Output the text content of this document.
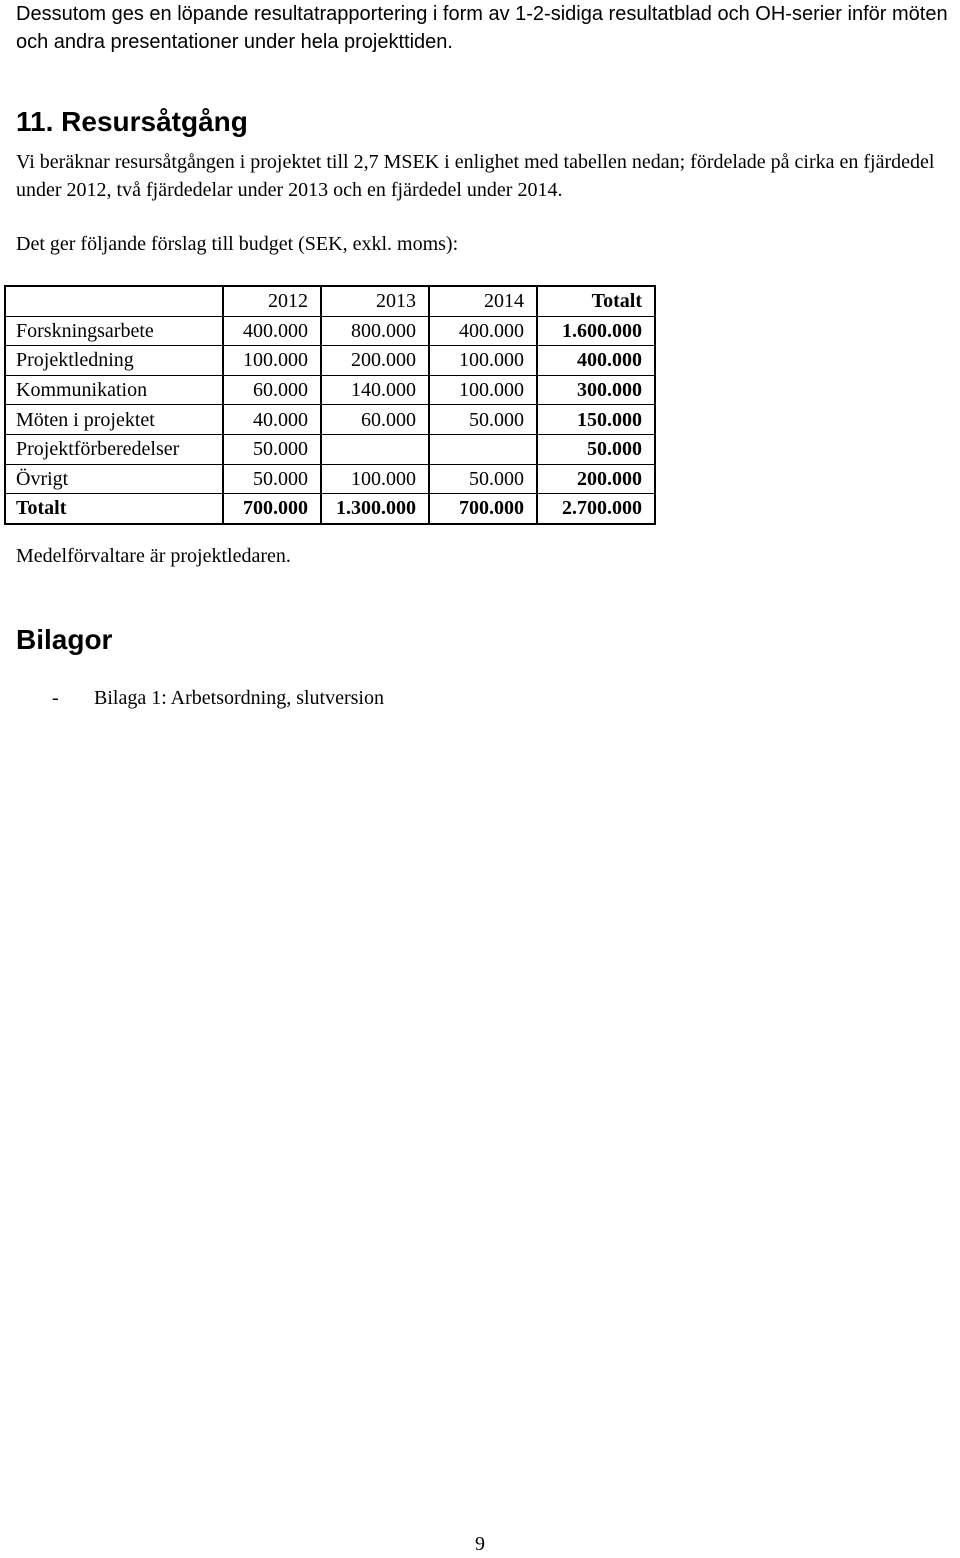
Dessutom ges en löpande resultatrapportering i form av 1-2-sidiga resultatblad och OH-serier inför möten och andra presentationer under hela projekttiden.

11. Resursåtgång

Vi beräknar resursåtgången i projektet till 2,7 MSEK i enlighet med tabellen nedan; fördelade på cirka en fjärdedel under 2012, två fjärdedelar under 2013 och en fjärdedel under 2014.

Det ger följande förslag till budget (SEK, exkl. moms):

	2012	2013	2014	Totalt
Forskningsarbete	400.000	800.000	400.000	1.600.000
Projektledning	100.000	200.000	100.000	400.000
Kommunikation	60.000	140.000	100.000	300.000
Möten i projektet	40.000	60.000	50.000	150.000
Projektförberedelser	50.000			50.000
Övrigt	50.000	100.000	50.000	200.000
Totalt	700.000	1.300.000	700.000	2.700.000

Medelförvaltare är projektledaren.

Bilagor
-	Bilaga 1: Arbetsordning, slutversion
9
